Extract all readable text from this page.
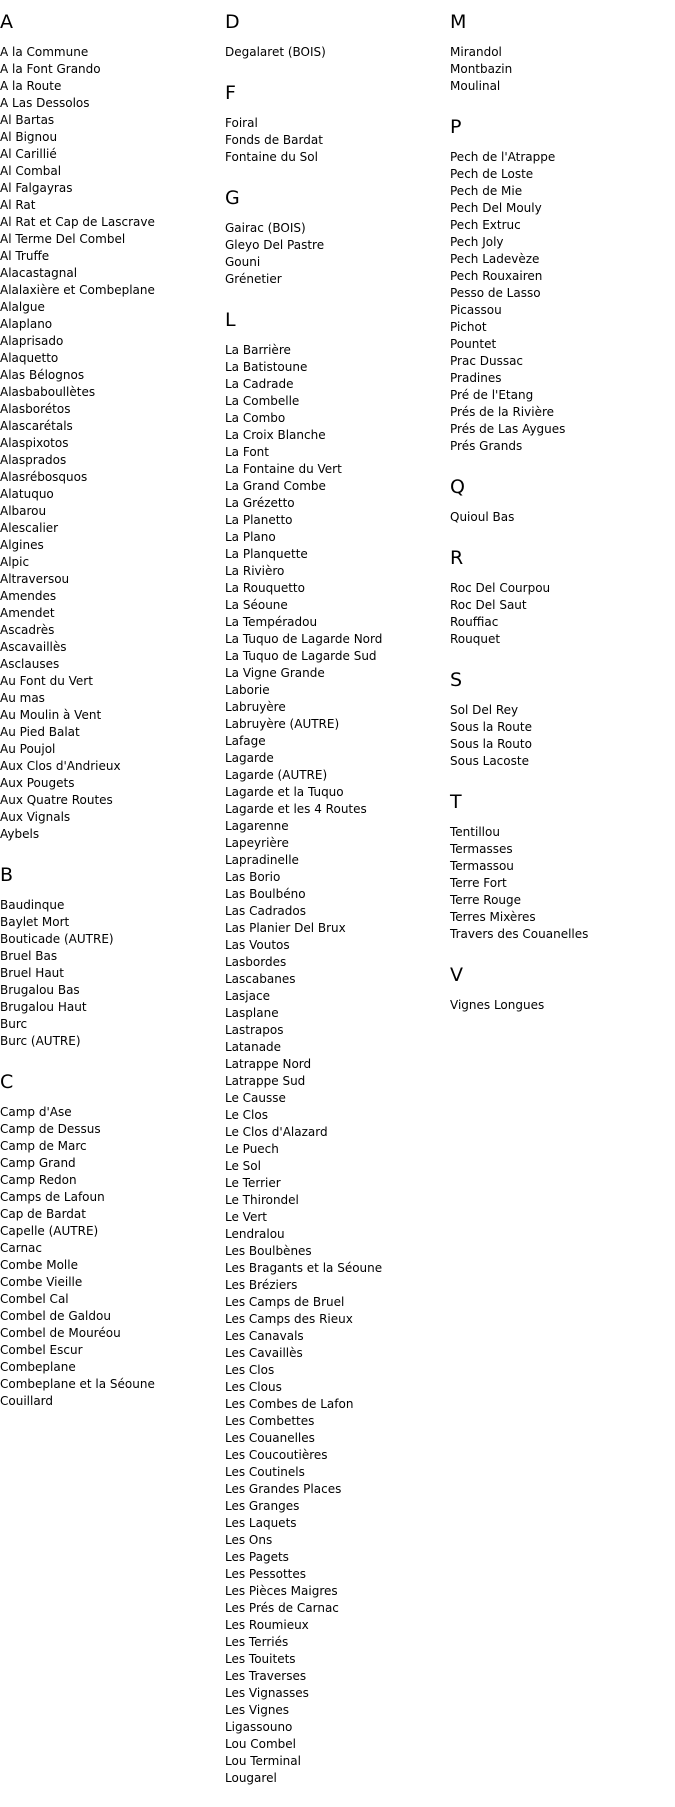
A
A la Commune
A la Font Grando
A la Route
A Las Dessolos
Al Bartas
Al Bignou
Al Carillié
Al Combal
Al Falgayras
Al Rat
Al Rat et Cap de Lascrave
Al Terme Del Combel
Al Truffe
Alacastagnal
Alalaxière et Combeplane
Alalgue
Alaplano
Alaprisado
Alaquetto
Alas Bélognos
Alasbaboullètes
Alasborétos
Alascarétals
Alaspixotos
Alasprados
Alasrébosquos
Alatuquo
Albarou
Alescalier
Algines
Alpic
Altraversou
Amendes
Amendet
Ascadrès
Ascavaillès
Asclauses
Au Font du Vert
Au mas
Au Moulin à Vent
Au Pied Balat
Au Poujol
Aux Clos d'Andrieux
Aux Pougets
Aux Quatre Routes
Aux Vignals
Aybels
B
Baudinque
Baylet Mort
Bouticade (AUTRE)
Bruel Bas
Bruel Haut
Brugalou Bas
Brugalou Haut
Burc
Burc (AUTRE)
C
Camp d'Ase
Camp de Dessus
Camp de Marc
Camp Grand
Camp Redon
Camps de Lafoun
Cap de Bardat
Capelle (AUTRE)
Carnac
Combe Molle
Combe Vieille
Combel Cal
Combel de Galdou
Combel de Mouréou
Combel Escur
Combeplane
Combeplane et la Séoune
Couillard
D
Degalaret (BOIS)
F
Foiral
Fonds de Bardat
Fontaine du Sol
G
Gairac (BOIS)
Gleyo Del Pastre
Gouni
Grénetier
L
La Barrière
La Batistoune
La Cadrade
La Combelle
La Combo
La Croix Blanche
La Font
La Fontaine du Vert
La Grand Combe
La Grézetto
La Planetto
La Plano
La Planquette
La Rivièro
La Rouquetto
La Séoune
La Tempéradou
La Tuquo de Lagarde Nord
La Tuquo de Lagarde Sud
La Vigne Grande
Laborie
Labruyère
Labruyère (AUTRE)
Lafage
Lagarde
Lagarde (AUTRE)
Lagarde et la Tuquo
Lagarde et les 4 Routes
Lagarenne
Lapeyrière
Lapradinelle
Las Borio
Las Boulbéno
Las Cadrados
Las Planier Del Brux
Las Voutos
Lasbordes
Lascabanes
Lasjace
Lasplane
Lastrapos
Latanade
Latrappe Nord
Latrappe Sud
Le Causse
Le Clos
Le Clos d'Alazard
Le Puech
Le Sol
Le Terrier
Le Thirondel
Le Vert
Lendralou
Les Boulbènes
Les Bragants et la Séoune
Les Bréziers
Les Camps de Bruel
Les Camps des Rieux
Les Canavals
Les Cavaillès
Les Clos
Les Clous
Les Combes de Lafon
Les Combettes
Les Couanelles
Les Coucoutières
Les Coutinels
Les Grandes Places
Les Granges
Les Laquets
Les Ons
Les Pagets
Les Pessottes
Les Pièces Maigres
Les Prés de Carnac
Les Roumieux
Les Terriés
Les Touitets
Les Traverses
Les Vignasses
Les Vignes
Ligassouno
Lou Combel
Lou Terminal
Lougarel
M
Mirandol
Montbazin
Moulinal
P
Pech de l'Atrappe
Pech de Loste
Pech de Mie
Pech Del Mouly
Pech Extruc
Pech Joly
Pech Ladevèze
Pech Rouxairen
Pesso de Lasso
Picassou
Pichot
Pountet
Prac Dussac
Pradines
Pré de l'Etang
Prés de la Rivière
Prés de Las Aygues
Prés Grands
Q
Quioul Bas
R
Roc Del Courpou
Roc Del Saut
Rouffiac
Rouquet
S
Sol Del Rey
Sous la Route
Sous la Routo
Sous Lacoste
T
Tentillou
Termasses
Termassou
Terre Fort
Terre Rouge
Terres Mixères
Travers des Couanelles
V
Vignes Longues
